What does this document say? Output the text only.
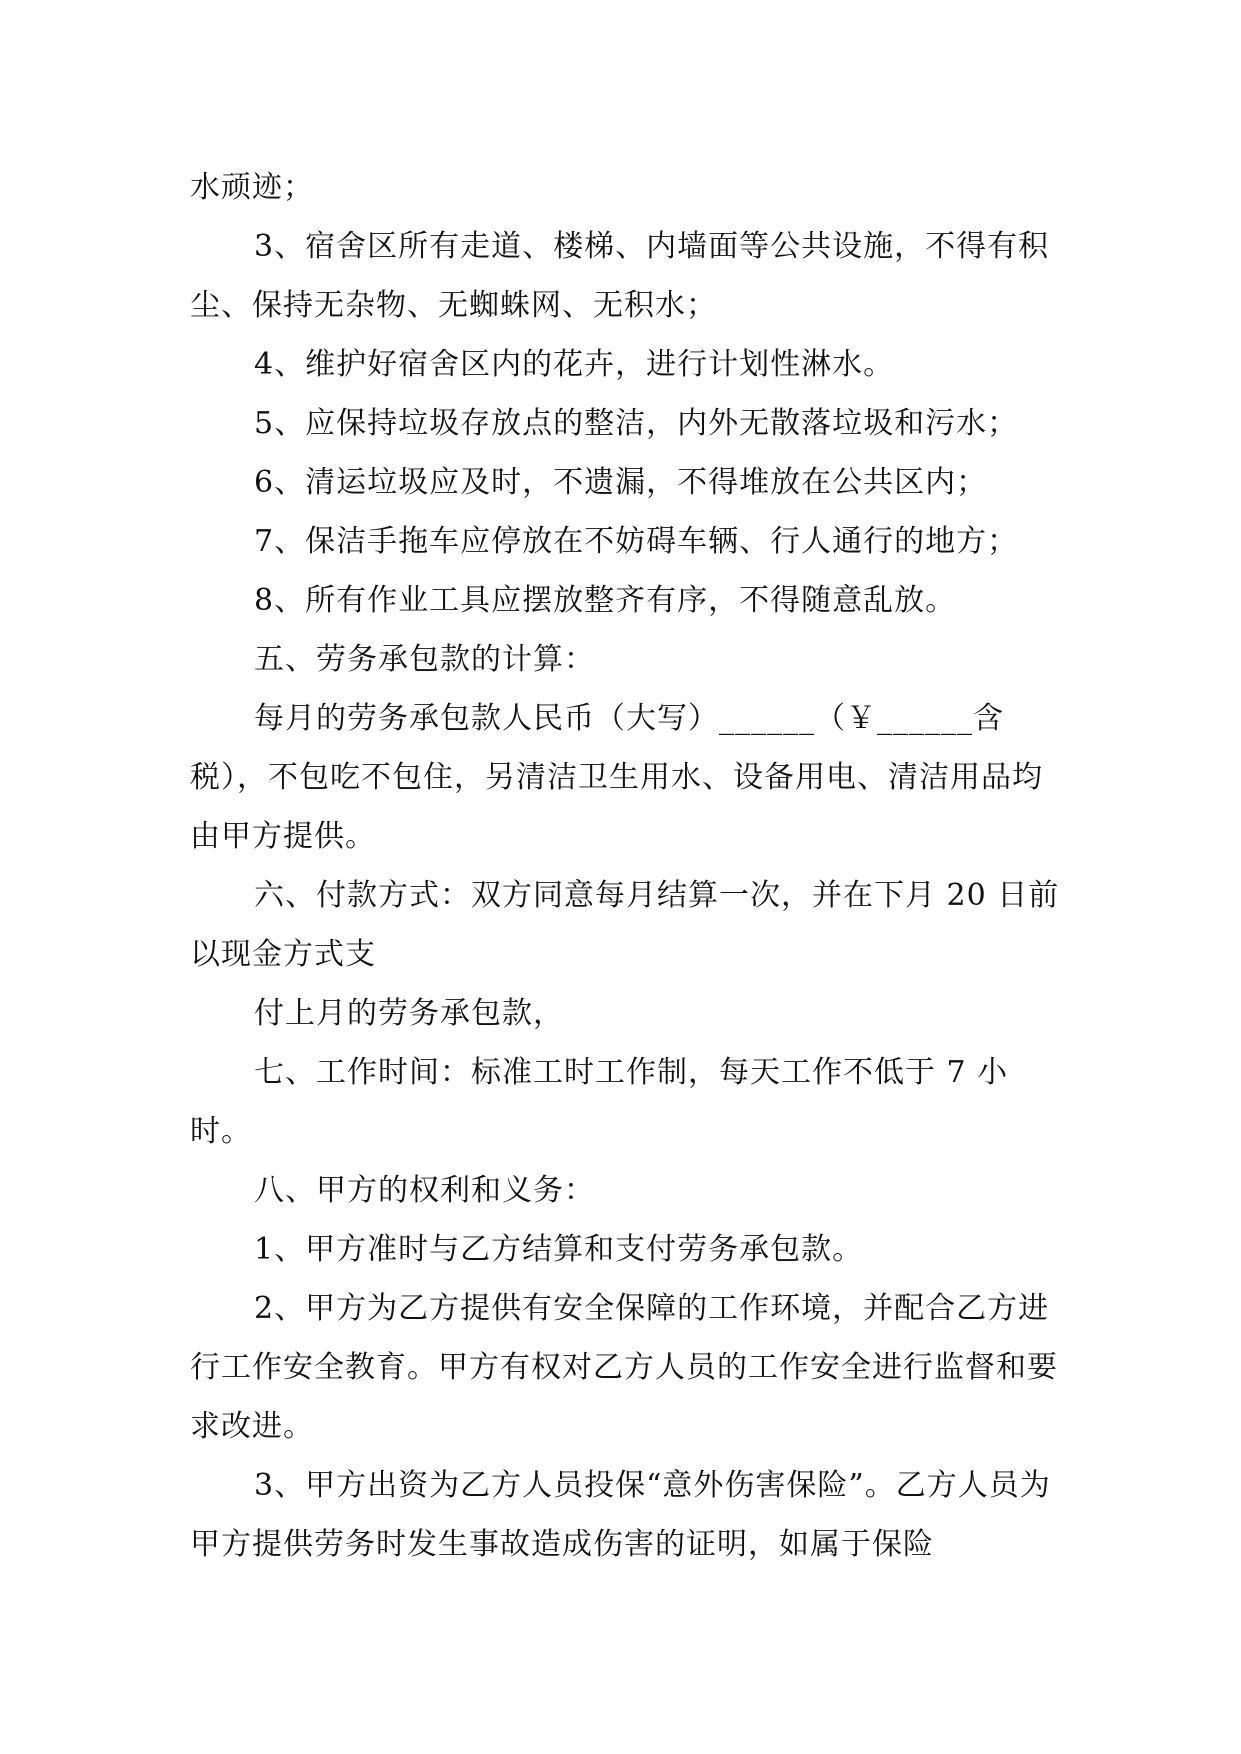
水顽迹；

3、宿舍区所有走道、楼梯、内墙面等公共设施，不得有积尘、保持无杂物、无蜘蛛网、无积水；

4、维护好宿舍区内的花卉，进行计划性淋水。

5、应保持垃圾存放点的整洁，内外无散落垃圾和污水；

6、清运垃圾应及时，不遗漏，不得堆放在公共区内；

7、保洁手拖车应停放在不妨碍车辆、行人通行的地方；

8、所有作业工具应摆放整齐有序，不得随意乱放。

五、劳务承包款的计算：

每月的劳务承包款人民币（大写）______（￥______含税），不包吃不包住，另清洁卫生用水、设备用电、清洁用品均由甲方提供。

六、付款方式：双方同意每月结算一次，并在下月 20 日前以现金方式支

付上月的劳务承包款，

七、工作时间：标准工时工作制，每天工作不低于 7 小时。

八、甲方的权利和义务：

1、甲方准时与乙方结算和支付劳务承包款。

2、甲方为乙方提供有安全保障的工作环境，并配合乙方进行工作安全教育。甲方有权对乙方人员的工作安全进行监督和要求改进。

3、甲方出资为乙方人员投保“意外伤害保险”。乙方人员为甲方提供劳务时发生事故造成伤害的证明，如属于保险
